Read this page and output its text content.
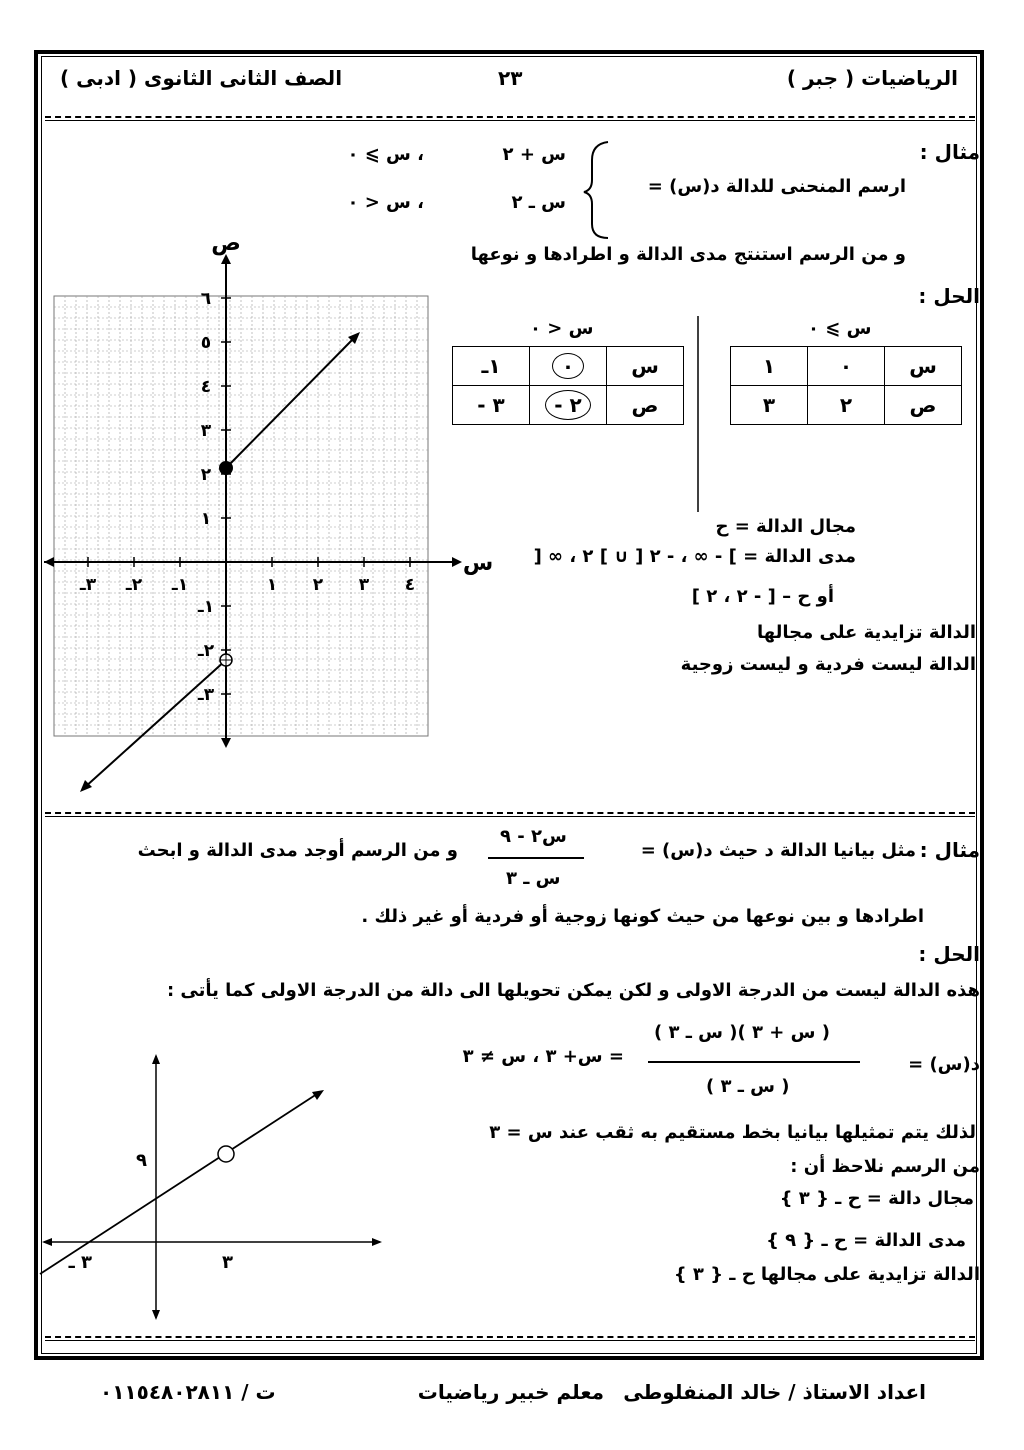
الرياضيات ( جبر )
٢٣
الصف الثانى الثانوى ( ادبى )
مثال :
ارسم المنحنى للدالة د(س) =
س + ٢
، س ⩾ ٠
س ـ ٢
، س < ٠
و من الرسم استنتج مدى الدالة و اطرادها و نوعها
الحل :
س ⩾ ٠
س	٠	١
ص	٢	٣
س < ٠
س	٠	١ـ
ص	٢ -	٣ -
مجال الدالة = ح
مدى الدالة = ] - ∞ ، - ٢ [ ∪ ] ٢ ، ∞ [
أو ح – [ - ٢ ، ٢ ]
الدالة تزايدية على مجالها
الدالة ليست فردية و ليست زوجية
ص
س
٣ـ ٢ـ ١ـ	١ ٢ ٣ ٤
٦
٥
٤
٣
٢
١
١ـ
٢ـ
٣ـ
مثال :
مثل بيانيا الدالة د حيث د(س) =
س٢ - ٩
س ـ ٣
و من الرسم أوجد مدى الدالة و ابحث
اطرادها و بين نوعها من حيث كونها زوجية أو فردية أو غير ذلك .
الحل :
هذه الدالة ليست من الدرجة الاولى و لكن يمكن تحويلها الى دالة من الدرجة الاولى كما يأتى :
د(س) =
( س + ٣ )( س ـ ٣ )
( س ـ ٣ )
= س+ ٣ ، س ≠ ٣
لذلك يتم تمثيلها بيانيا بخط مستقيم به ثقب عند س = ٣
من الرسم نلاحظ أن :
مجال دالة = ح ـ { ٣ }
مدى الدالة = ح ـ { ٩ }
الدالة تزايدية على مجالها ح ـ { ٣ }
٩
٣ ـ	٣
اعداد الاستاذ / خالد المنفلوطى
معلم خبير رياضيات
ت / ٠١١٥٤٨٠٢٨١١
